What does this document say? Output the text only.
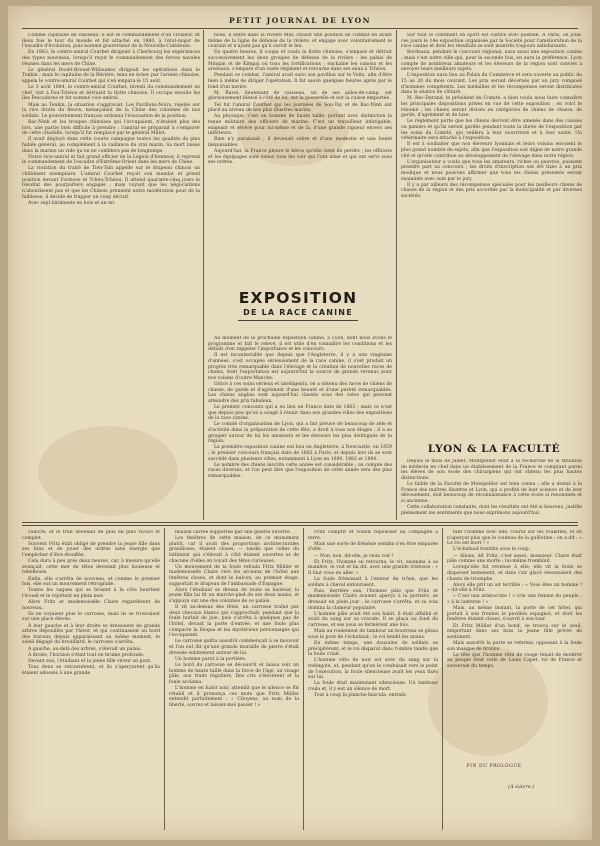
PETIT JOURNAL DE LYON

Comme capitaine de vaisseau, il eut le commandement d'un croiseur, fit deux fois le tour du monde et fut attaché, en 1880, à l'état-major de l'escadre d'évolution, puis nommé gouverneur de la Nouvelle-Calédonie.

En 1883, le contre-amiral Courbet dirigeait à Cherbourg les expériences des types nouveaux, lorsqu'il reçut le commandement des forces navales réunies dans les mers de Chine.

Le général Bouët-Brouet-Willaumez dirigeait les opérations dans le Tonkin ; mais le capitaine de la Révière, tenu en échec par l'armée chinoise, appela le contre-amiral Courbet qui s'en empara le 15 août.

Le 3 août 1884, le contre-amiral Courbet, investi du commandement en chef, vint à Fou-Tchéou et détruisit la flotte chinoise. Il occupa ensuite les îles Pescadores et fut nommé vice-amiral.

Mais au Tonkin, la situation s'aggravait. Les Pavillons-Noirs, rejetés sur la rive droite du fleuve, menaçaient de la Chine des colonnes de nos soldats. Le gouvernement français ordonna l'évacuation de la position.

Bac-Ninh et les troupes chinoises qui l'occupaient, n'étaient plus des lors, une partie bien difficile à prendre : l'amiral se préparait à s'emparer de cette citadelle, lorsqu'il fut remplacé par le général Millot.

Il avait déployé dans cette courte campagne toutes les qualités du plus habile général, au complément à la vaillance du vrai marin. Sa mort laisse dans la marine un vide qu'on ne comblera pas de longtemps.

Notre vice-amiral et fait grand officier de la Légion d'honneur, il reprend le commandement de l'escadre d'Extrême-Orient dans les mers de Chine.

La violation du traité de Tien-Tsin appelle sur le drapeau chinois un châtiment exemplaire. L'amiral Courbet reçoit son mandat et prend position devant Formose et Tcheu-Tchéou. Il attend quarante-cinq jours le résultat des pourparlers engagés ; mais voyant que les négociations n'aboutissent pas et que les Chinois prennent notre modération pour de la faiblesse, il décide de frapper un coup décisif.

Avec sept bâtiments en bois et un mi-

nous, il entre dans la rivière Min, choisit une position de combat en avant même de la ligne de défense de la rivière, et engage avec volontairement le courant et n'ayant pas qu'à ouvrir le feu.

En quatre heures, il coupa et coula la flotte chinoise, s'empare et détruit successivement les deux groupes de défense de la rivière : les palais de Mingan et de Kimpai où tous les fortifications ; enchaîne les canons et les arsenaux, s'empare d'un vaste régiment et retourne dans ses eaux à Tchéou.

Pendant ce combat, l'amiral avait suivi son pavillon sur le Volta, afin d'être bien à même de diriger l'opération. Il fut sauvé quelques heures après par le fond d'un navire.

M. Ravel, lieutenant de vaisseau, un de ses aides-de-camp, est glorieusement blessé à côté de lui, sur la passerelle et eut la cuisse emportée.

Tel fut l'amiral Courbet qui les journées de Son-Tay et de Bac-Ninh ont placé au niveau de nos plus illustres marins.

Au physique, c'est un homme de haute taille, portant avec distinction la tenue militaire des officiers de marine. C'est un travailleur infatigable, exigeant et sévère pour lui-même et de là, d'une grande rigueur envers ses inférieurs.

Rien n'y paraissait ; il devenait sobre et d'une modestie et une bonté inépuisables.

Aujourd'hui, la France pleure le héros qu'elle vient de perdre ; les officiers et les équipages sont venus tous les voir qui l'ont aimé et qui ont servi sous ses ordres.

EXPOSITION
DE LA RACE CANINE

Au moment de la prochaine exposition canine, à Lyon, dont nous avons le programme et fait le relevé, il est utile d'en connaître les conditions et les détails d'en rappeler l'importance et les concours.

Il est incontestable que depuis que l'Angleterre, il y a une vingtaine d'années, s'est occupée sérieusement de la race canine, il s'est produit un progrès très remarquable dans l'élevage et la création de nouvelles races de chiens, dont l'exportation est aujourd'hui la source de grands revenus pour nos voisins d'outre-Manche.

Grâce à ces soins sérieux et intelligents, on a obtenu des races de chiens de chasse, de garde et d'agrément d'une beauté et d'une pureté remarquables. Les chiens anglais sont aujourd'hui classés sous des cotes qui peuvent atteindre des prix fabuleux.

Le premier concours qui a eu lieu en France date de 1863 ; mais ce n'est que depuis peu qu'on a songé à réunir dans nos grandes villes des expositions de la race canine.

Le comité d'organisation de Lyon, qui a fait preuve de beaucoup de zèle et d'activité dans la préparation de cette fête, a droit à tous nos éloges ; il a su grouper autour de lui les amateurs et les éleveurs les plus distingués de la région.

La première exposition canine eut lieu en Angleterre, à Newcastle, en 1859 ; le premier concours français date de 1863 à Paris, et depuis lors ils se sont succédé dans plusieurs villes, notamment à Lyon en 1880, 1882 et 1884.

Le nombre des chiens inscrits cette année est considérable ; on compte des races diverses, et l'on peut dire que l'exposition de cette année sera des plus remarquables.

Sur tout le continent on sport est cultivé avec passion. À Paris, on joue, ces jours le 14e exposition organisée par la Société pour l'amélioration de la race canine et dont les résultats se sont montrés toujours satisfaisants.

Bordeaux, pendant le concours régional, aura aussi une exposition canine ; mais c'est notre ville qui, pour la seconde fois, en aura la préférence. Lyon compte de nombreux amateurs et les éleveurs de la région sont conviés à envoyer leurs meilleurs sujets.

L'exposition aura lieu au Palais du Commerce et sera ouverte au public du 15 au 20 du mois courant. Les prix seront décernés par un jury composé d'hommes compétents. Les médailles et les récompenses seront distribuées dans la séance de clôture.

M. Rec-Durand, le président du Comité, a bien voulu nous faire connaître les principales dispositions prises en vue de cette exposition ; en voici le résumé ; les chiens seront divisés en catégories de chiens de chasse, de garde, d'agrément et de luxe.

Le règlement porte que les chiens devront être amenés dans des caisses ou paniers et qu'ils seront gardés pendant toute la durée de l'exposition par les soins du Comité, qui veillera à leur nourriture et à leur santé. Un vétérinaire sera attaché à l'exposition.

Il est à souhaiter que nos éleveurs lyonnais et leurs voisins envoient le plus grand nombre de sujets, afin que l'exposition soit digne de notre grande cité et qu'elle contribue au développement de l'élevage dans notre région.

L'organisateur a voulu que tous les amateurs, riches ou pauvres, puissent prendre part au concours ; les droits d'inscription ont été fixés à un prix modique et nous pouvons affirmer que tous les chiens présentés seront examinés avec soin par le jury.

Il y a par ailleurs des récompenses spéciales pour les meilleurs chiens de chasse de la région et des prix accordés par la municipalité et par diverses sociétés.

LYON & LA FACULTÉ

Depuis le mois de juillet, Montpellier était à la recherche de la situation de médecin en chef dans un établissement de la France et comptant parmi les élèves de son école des chirurgiens qui ont obtenu les plus hautes distinctions.

Le faible de la Faculté de Montpellier est bien connu ; elle a donné à la France des maîtres illustres et Lyon, qui a profité de leur science et de leur dévouement, doit beaucoup de reconnaissance à cette école si renommée et si ancienne.

Cette collaboration constante, dont les résultats ont été si heureux, justifie pleinement les sentiments que nous exprimons aujourd'hui.

vaincre, et le fruit devenait de plus en plus vivace et complet.

Souvent Fritz était obligé de prendre la jeune fille dans ses bras et de jouer des ordres sans énergie que l'empêcher d'être étouffée.

Cela dura à peu près deux heures, car, à mesure qu'elle avançait, cette mer de têtes devenait plus houleuse et rebelleuse.

Enfin, elle s'arrêta de nouveau, et comme le premier fois, elle eut un mouvement rétrograde.

Toutes les vagues qui se brisent à la côte heurtent l'écueil et le rejettent en plein mer.

Alors Fritz et mademoiselle Claire regardèrent de nouveau.

Ils ne voyaient plus le carrosse, mais ils se trouvaient sur une place élevée.

À leur gauche et à leur droite se dressaient de grands arbres dépouillés par l'hiver, et qui continuaient au bord des travaux depuis apparaissant au même moment, le soleil dégagé du brouillard, le carrosse s'arrêta.

A gauche, au-delà des arbres, s'élevait un palais.

A droite, l'horizon s'était tout en brume profonde.

Devant eux, l'étudiant et la jeune fille virent un pont.

Tous deux se retournèrent, et ils s'aperçurent qu'ils étaient adossés à une grande

maison carrée supportée par une galerie ouverte.

Les fenêtres de cette maison, de ce monument plutôt, car il avait des proportions architecturales grandioses, étaient closes, — tandis que celles du bâtiment qui s'élevait à côté étaient ouvertes et de chacune d'elles on voyait des têtes curieuses.

Un mouvement de la foule refoula Fritz Müller et mademoiselle Claire vers les arceaux de l'hôtel aux fenêtres closes, et dont le balcon, au premier étage, supportait le drapeau de l'ambassade d'Espagne.

Alors l'étudiant se dressa de toute sa hauteur, la jeune fille lui fit un marche-pied de ses deux mains, et s'appuya sur une des colonnes de ce palais.

Il vit au-dessus des têtes, un carrosse traîné par deux chevaux blancs qui s'approchait, pendant que la foule hurlait de joie, puis s'arrêta à quelques pas de l'hôtel, devant la porte d'entrée, et une foule plus compacte la bloqua et les mystérieux personnages qui l'occupaient.

Le carrosse quitta aussitôt commençait à se mouvoir et l'on eut dit qu'une grande muraille de pierre s'était dressée subitement autour de lui.

Un homme parut à la portière.

Le bord du carrosse se découvrit et laissa voir un homme de haute taille dans la force de l'âge, au visage pâle, aux traits réguliers. Des cris s'élevèrent et la foule acclama.

L'homme en habit noir, attendit que le silence se fût rétabli et il prononça ces mots que Fritz Müller entendit parfaitement : « Citoyens, au nom de la liberté, ouvrez et laissez-moi passer ! »

Fritz comprit et voulut repousser au compagne à terre.

Mais une sorte de frénésie sembla s'en être emparée d'elle.

— Non, non, dit-elle, je veux voir !

Et Fritz, l'homme se retourna, le vit, examina à sa manière, le voit et lui dit, avec une grande tristesse : « Il faut vous en aller. »

La foule frémissait à l'entour du trône, que les soldats à cheval entouraient.

Puis, derrière eux, l'homme pâle que Fritz et mademoiselle Claire avaient aperçu à la portière, se dressait en plein jour ; le carrosse s'arrêta, et sa voix domina la clameur populaire.

L'homme pâle avait été son habit, il était affaibli et avait du sang sur sa cravate. Il se plaça au fond du carrosse, et ses yeux se fermèrent une fois.

Mais au roulement de tambour un bourreau se glissa sous le pont de l'échafaud ; le roi tendit les mains.

En même temps, une douzaine de soldats se précipitèrent, et le roi disparut dans l'ombre tandis que la foule criait.

L'homme vêtu de noir est avec du sang sur la redingote, et, pendant qu'on le conduisait vers le point de l'exécution, la foule silencieuse avait les yeux fixés sur lui.

La foule était maintenant silencieuse. Un tambour roula et, il y eut un silence de mort.

Tout à coup la planche bascula, entraîn-

tant l'homme avec elle, courut sur les roulettes, et on n'aperçut plus que le couteau de la guillotine ; on a dit : « Le roi est mort ! »

L'échafaud trembla sous le coup.

— Allons, dit Fritz, c'est assez, monsieur. Claire était pâle comme une morte ; lui-même tremblait.

Lorsqu'elle fut revenue à elle, elle vit la foule se disperser lentement, et dans l'air glacé résonnaient des chants de triomphe.

Alors elle prit un air terrible : « Vous êtes un homme ! » dit-elle à Fritz.

« C'est une aristocrate ! » crie une femme du peuple ; « à la lanterne ! »

Mais, au même instant, la porte de cet hôtel, qui portait à son fronton le pavillon espagnol, et dont les fenêtres étaient closes, s'ouvrit à son tour.

Et Fritz Müller d'un bond, se trouva sur le seuil, emportant dans ses bras la jeune fille privée de sentiment.

Mais aussitôt la porte se referma, opposant à la foule son masque de bronze.

La tête que l'homme vêtu de rouge tenait de montrer au peuple était celle de Louis Capet, roi de France et souverain du temps.

FIN DU PROLOGUE
(A suivre.)
